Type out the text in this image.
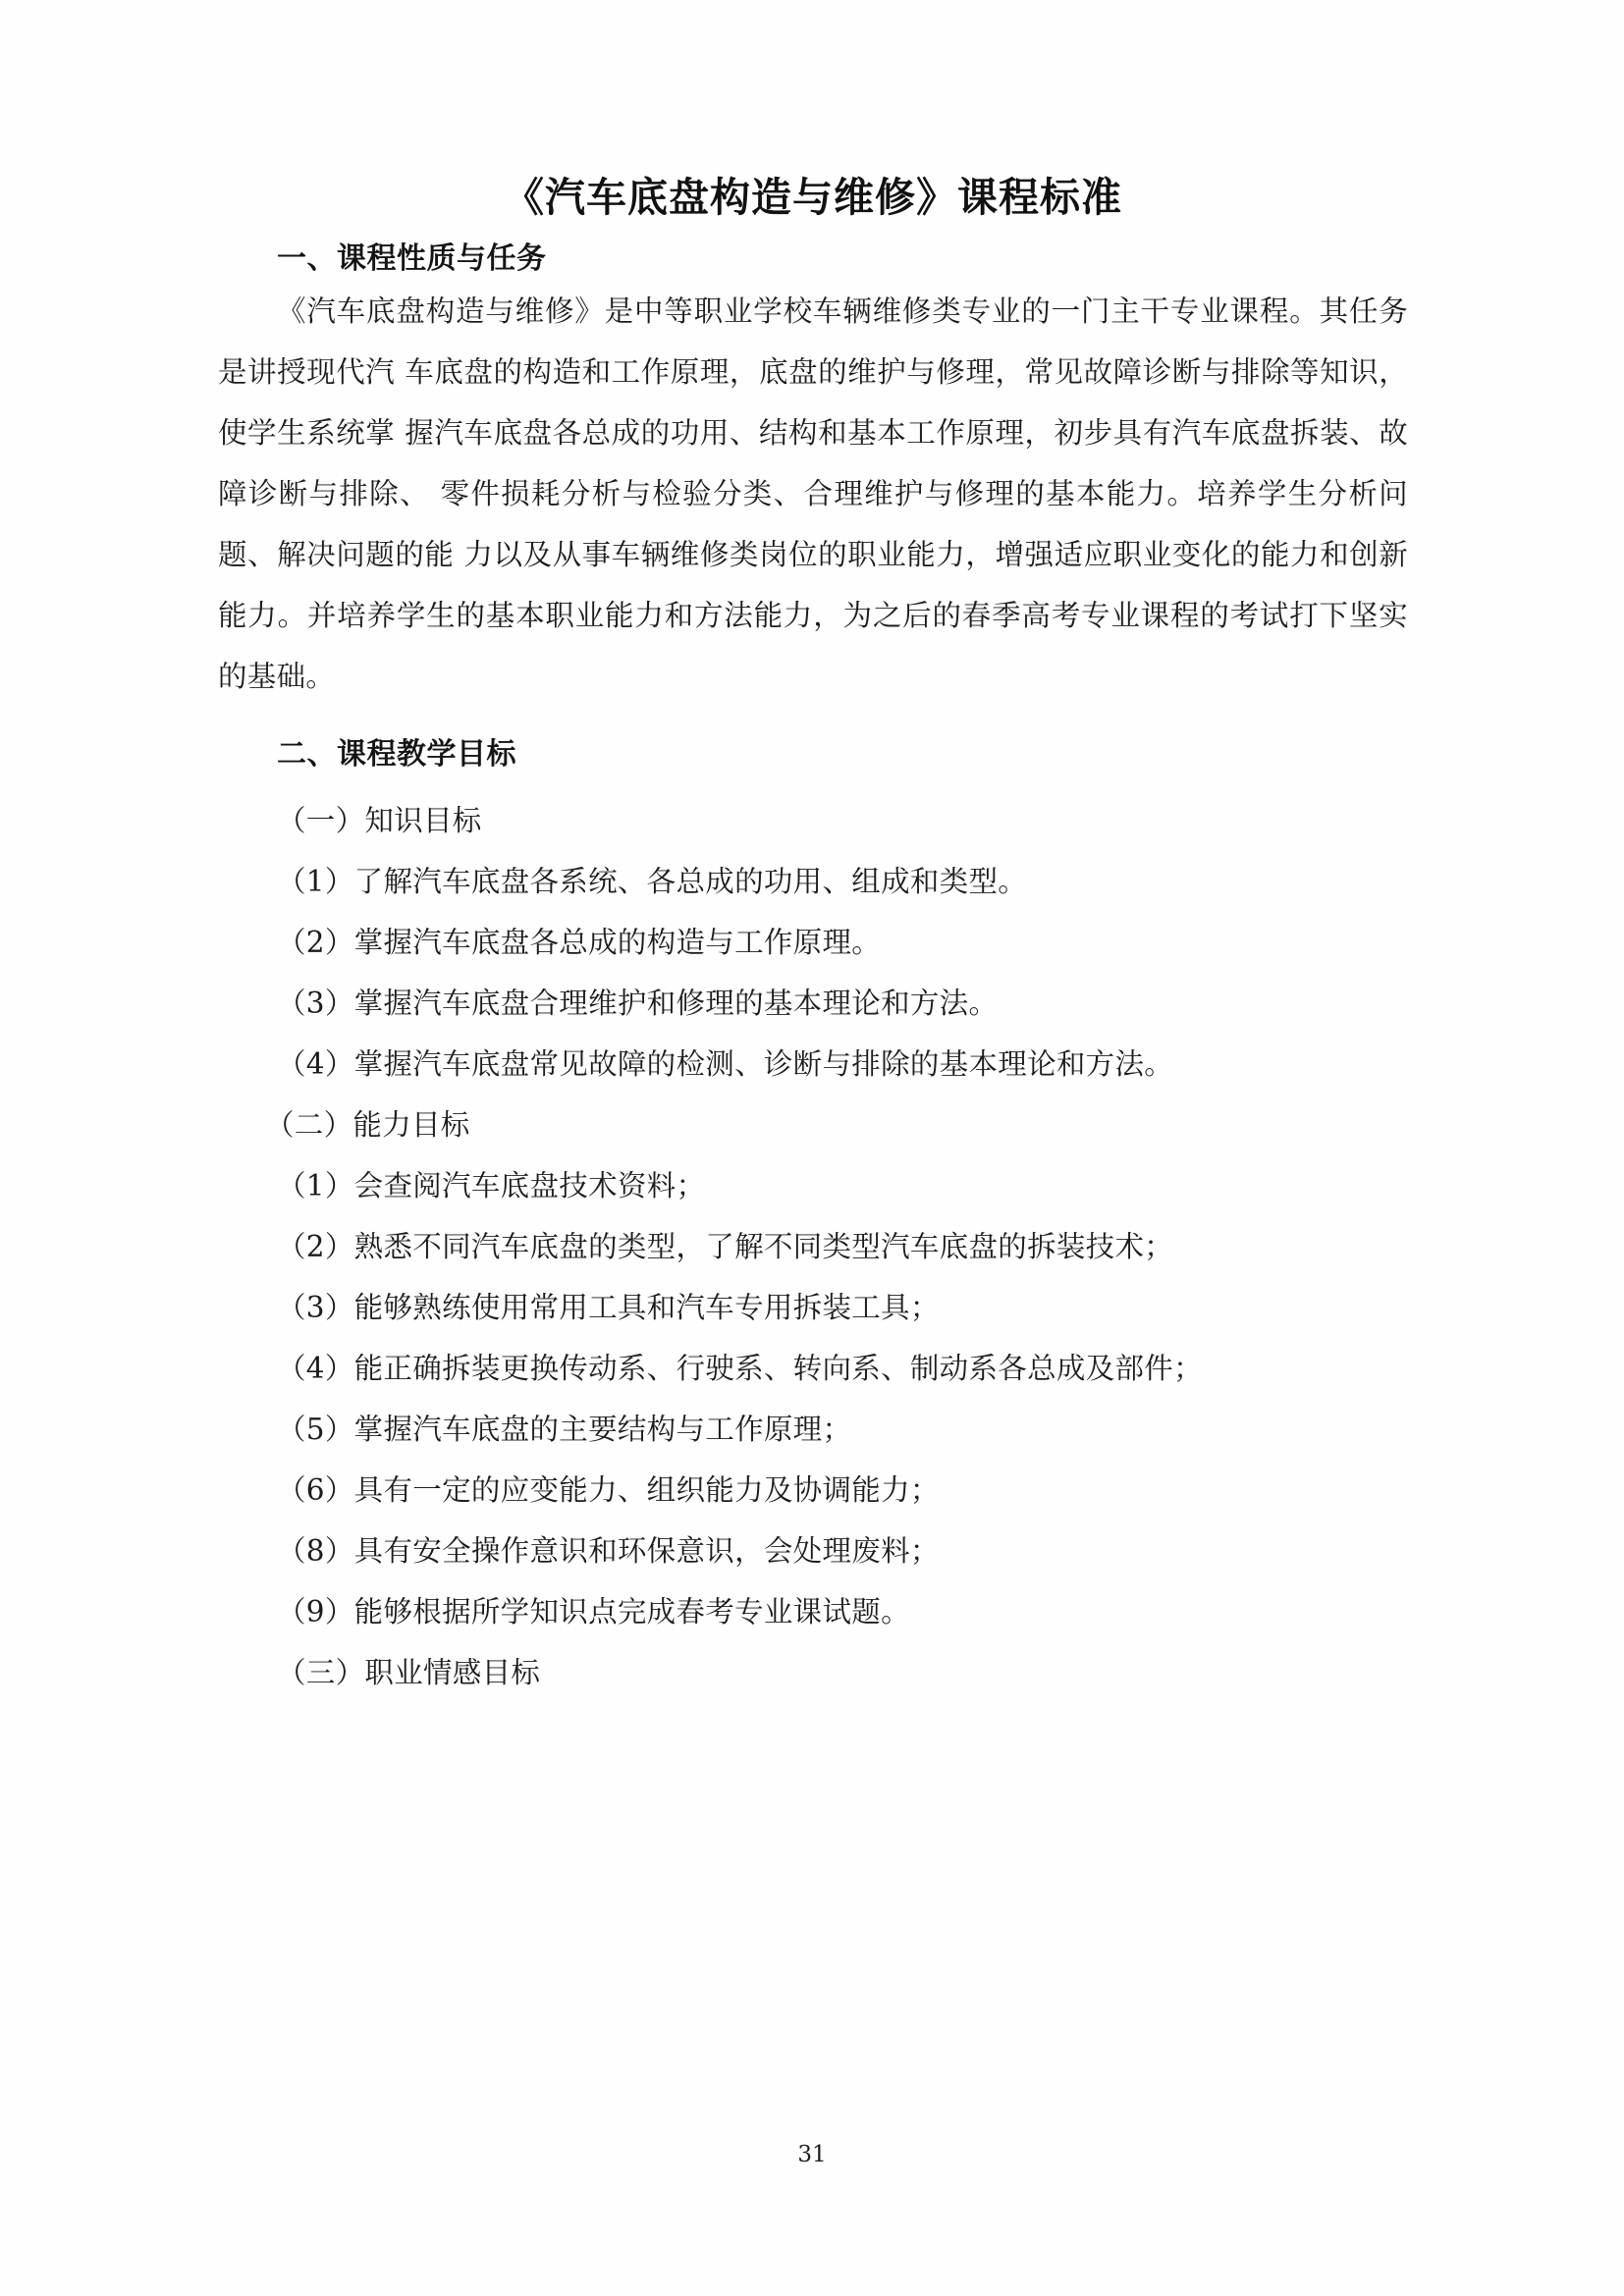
《汽车底盘构造与维修》课程标准
一、课程性质与任务

《汽车底盘构造与维修》是中等职业学校车辆维修类专业的一门主干专业课程。其任务是讲授现代汽 车底盘的构造和工作原理，底盘的维护与修理，常见故障诊断与排除等知识，使学生系统掌 握汽车底盘各总成的功用、结构和基本工作原理，初步具有汽车底盘拆装、故障诊断与排除、 零件损耗分析与检验分类、合理维护与修理的基本能力。培养学生分析问题、解决问题的能 力以及从事车辆维修类岗位的职业能力，增强适应职业变化的能力和创新能力。并培养学生的基本职业能力和方法能力，为之后的春季高考专业课程的考试打下坚实的基础。

二、课程教学目标

（一）知识目标

（1）了解汽车底盘各系统、各总成的功用、组成和类型。

（2）掌握汽车底盘各总成的构造与工作原理。

（3）掌握汽车底盘合理维护和修理的基本理论和方法。

（4）掌握汽车底盘常见故障的检测、诊断与排除的基本理论和方法。

（二）能力目标

（1）会查阅汽车底盘技术资料；

（2）熟悉不同汽车底盘的类型，了解不同类型汽车底盘的拆装技术；

（3）能够熟练使用常用工具和汽车专用拆装工具；

（4）能正确拆装更换传动系、行驶系、转向系、制动系各总成及部件；

（5）掌握汽车底盘的主要结构与工作原理；

（6）具有一定的应变能力、组织能力及协调能力；

（8）具有安全操作意识和环保意识，会处理废料；

（9）能够根据所学知识点完成春考专业课试题。

（三）职业情感目标

31
